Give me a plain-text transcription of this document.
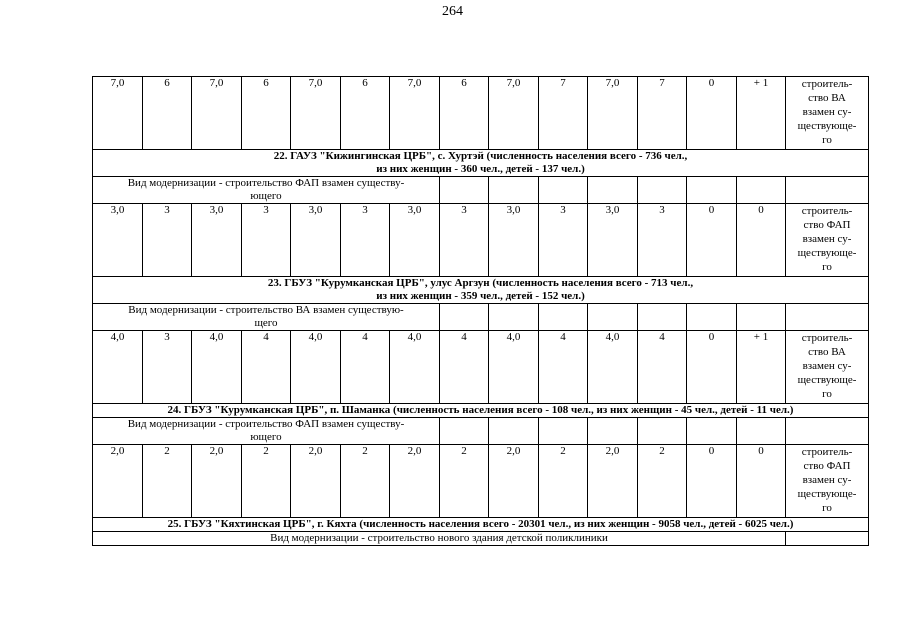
264
7,0	6	7,0	6	7,0	6	7,0	6	7,0	7	7,0	7	0	+ 1	строитель-
ство ВА
взамен су-
ществующе-
го

22. ГАУЗ "Кижингинская ЦРБ", с. Хуртэй (численность населения всего - 736 чел.,
из них женщин - 360 чел., детей - 137 чел.)														

Вид модернизации - строительство ФАП взамен существу-
ющего														
3,0	3	3,0	3	3,0	3	3,0	3	3,0	3	3,0	3	0	0	строитель-
ство ФАП
взамен су-
ществующе-
го

23. ГБУЗ "Курумканская ЦРБ", улус Аргзун (численность населения всего - 713 чел.,
из них женщин - 359 чел., детей - 152 чел.)														

Вид модернизации - строительство ВА взамен существую-
щего														
4,0	3	4,0	4	4,0	4	4,0	4	4,0	4	4,0	4	0	+ 1	строитель-
ство ВА
взамен су-
ществующе-
го

24. ГБУЗ "Курумканская ЦРБ", п. Шаманка (численность населения всего - 108 чел., из них женщин - 45 чел., детей - 11 чел.)														

Вид модернизации - строительство ФАП взамен существу-
ющего														
2,0	2	2,0	2	2,0	2	2,0	2	2,0	2	2,0	2	0	0	строитель-
ство ФАП
взамен су-
ществующе-
го

25. ГБУЗ "Кяхтинская ЦРБ", г. Кяхта (численность населения всего - 20301 чел., из них женщин - 9058 чел., детей - 6025 чел.)														

Вид модернизации - строительство нового здания детской поликлиники														
